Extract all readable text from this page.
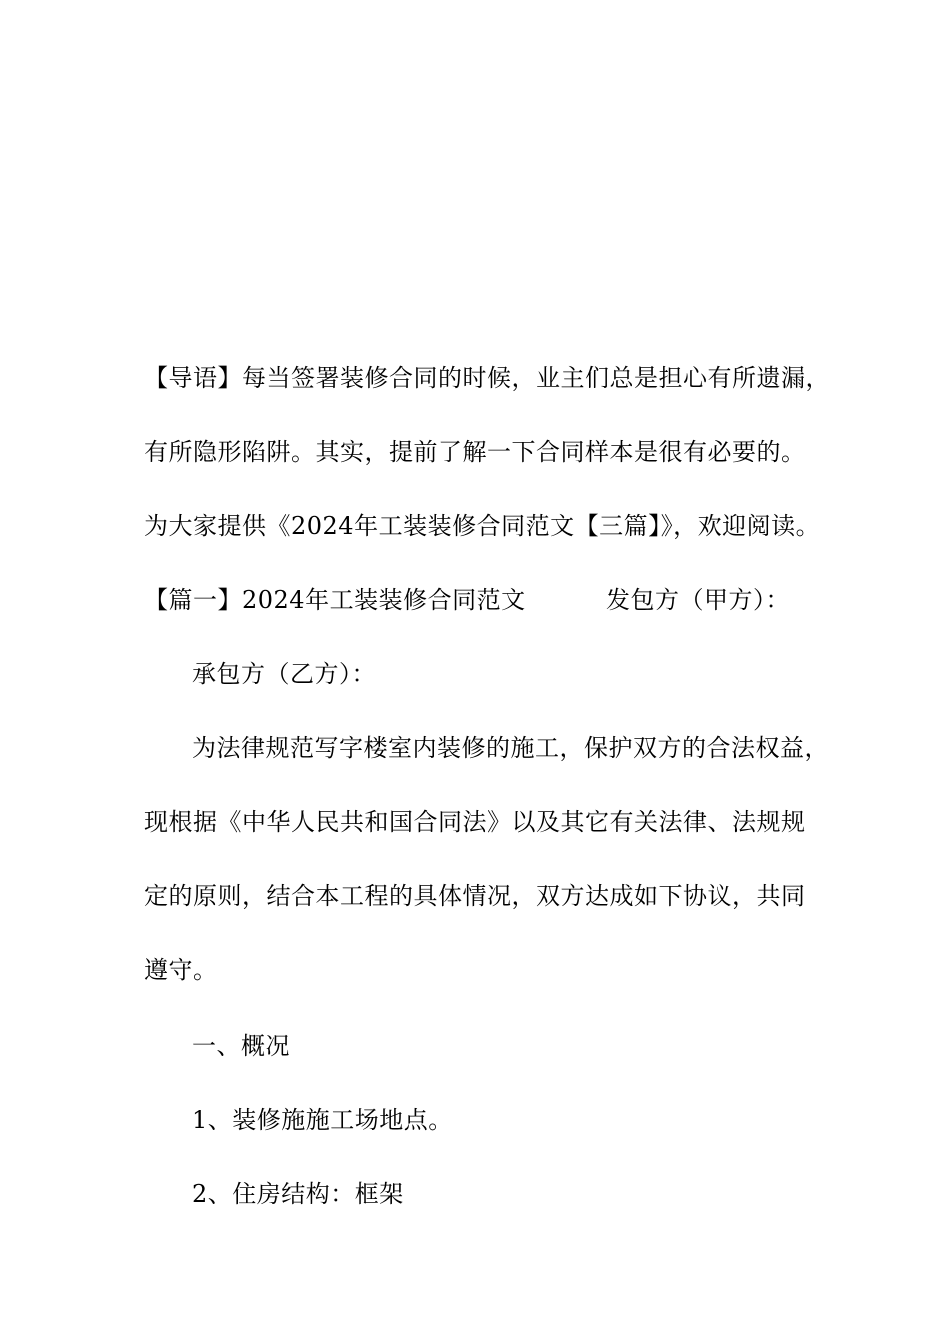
【导语】每当签署装修合同的时候，业主们总是担心有所遗漏，
有所隐形陷阱。其实，提前了解一下合同样本是很有必要的。
为大家提供《2024年工装装修合同范文【三篇】》，欢迎阅读。
【篇一】2024年工装装修合同范文	发包方（甲方）：
承包方（乙方）：
为法律规范写字楼室内装修的施工，保护双方的合法权益，
现根据《中华人民共和国合同法》以及其它有关法律、法规规
定的原则，结合本工程的具体情况，双方达成如下协议，共同
遵守。
一、概况
1、装修施施工场地点。
2、住房结构：框架
